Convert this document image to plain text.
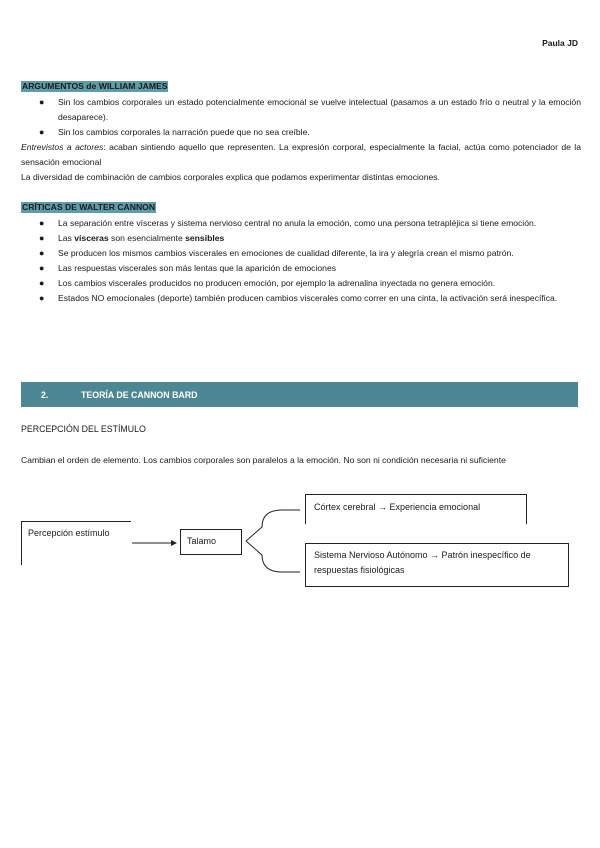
Paula JD
ARGUMENTOS de WILLIAM JAMES
● Sin los cambios corporales un estado potencialmente emocional se vuelve intelectual (pasamos a un estado frío o neutral y la emoción desaparece).
● Sin los cambios corporales la narración puede que no sea creíble.
Entrevistos a actores: acaban sintiendo aquello que representen. La expresión corporal, especialmente la facial, actúa como potenciador de la sensación emocional
La diversidad de combinación de cambios corporales explica que podamos experimentar distintas emociones.
CRÍTICAS DE WALTER CANNON
● La separación entre vísceras y sistema nervioso central no anula la emoción, como una persona tetrapléjica si tiene emoción.
● Las vísceras son esencialmente sensibles
● Se producen los mismos cambios viscerales en emociones de cualidad diferente, la ira y alegría crean el mismo patrón.
● Las respuestas viscerales son más lentas que la aparición de emociones
● Los cambios viscerales producidos no producen emoción, por ejemplo la adrenalina inyectada no genera emoción.
● Estados NO emocionales (deporte) también producen cambios viscerales como correr en una cinta, la activación será inespecífica.
2.	TEORÍA DE CANNON BARD
PERCEPCIÓN DEL ESTÍMULO
Cambian el orden de elemento. Los cambios corporales son paralelos a la emoción. No son ni condición necesaria ni suficiente
Percepción estímulo
Talamo
Córtex cerebral → Experiencia emocional
Sistema Nervioso Autónomo → Patrón inespecífico de respuestas fisiológicas
